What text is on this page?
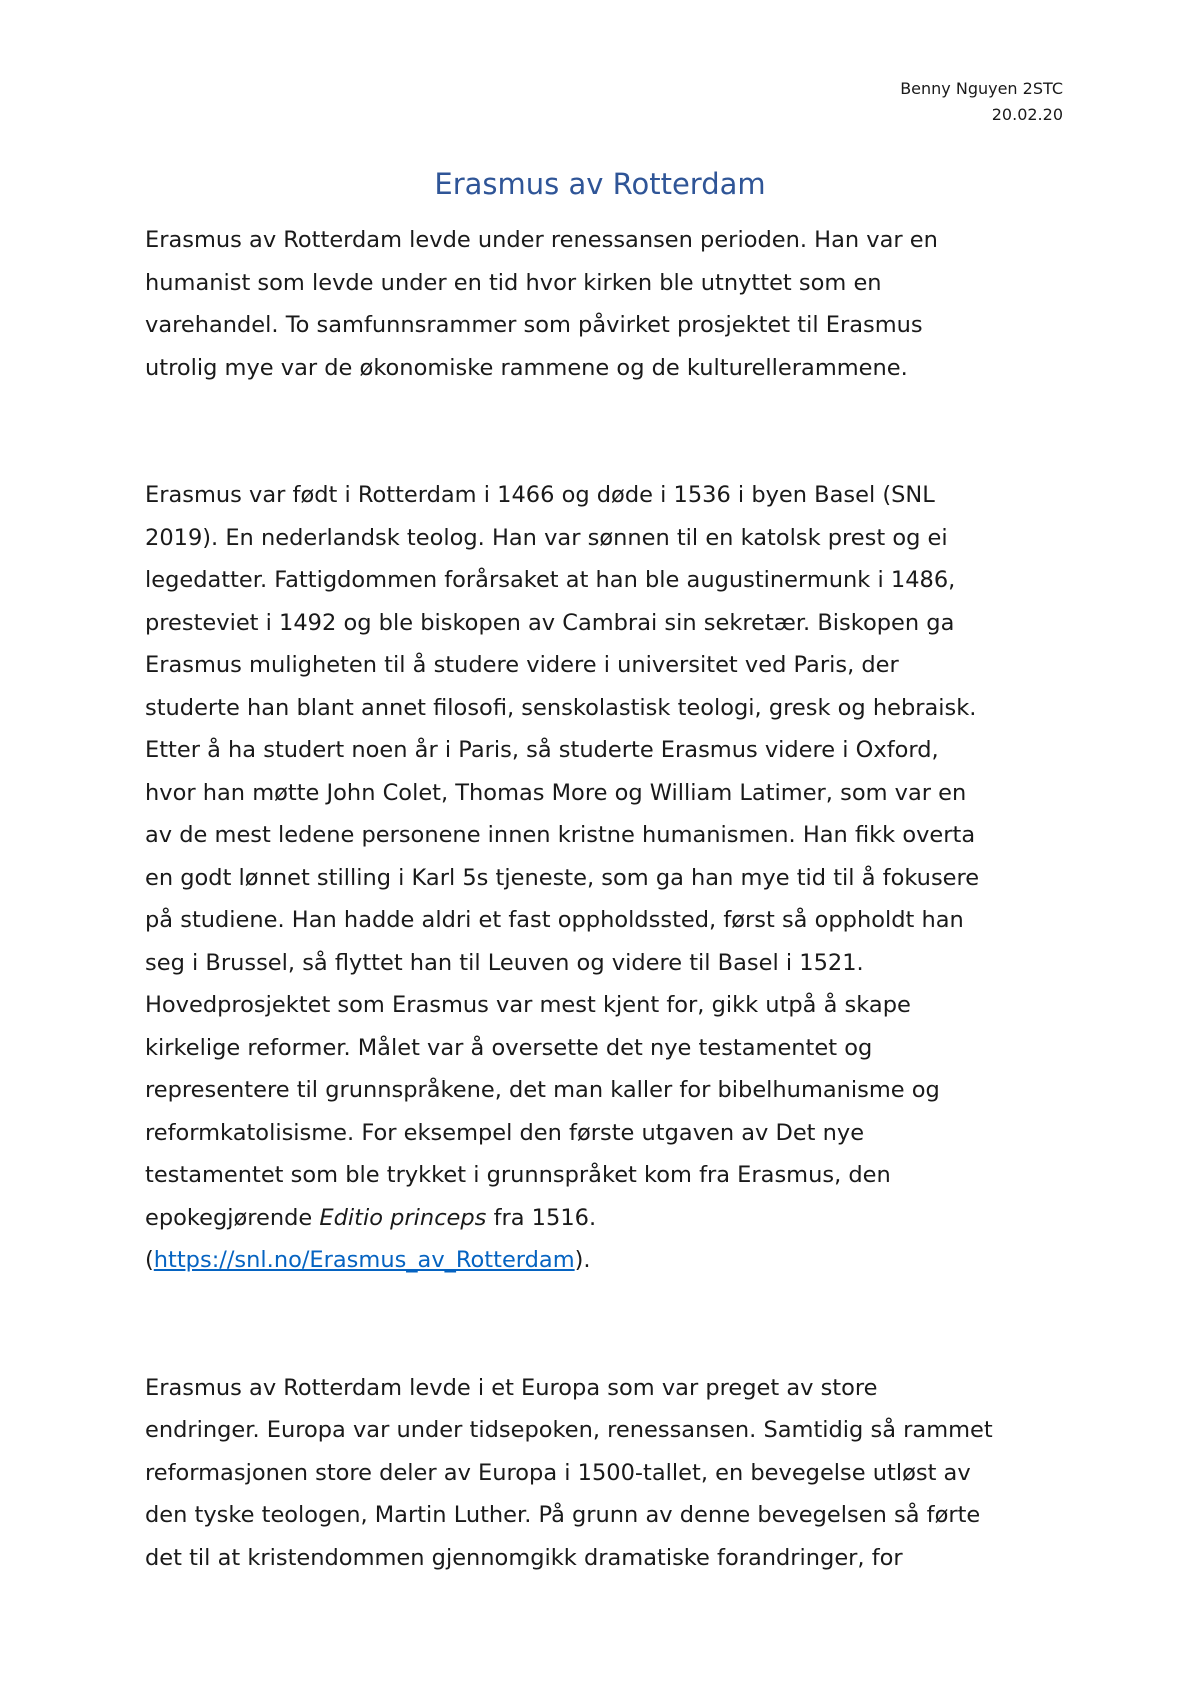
Benny Nguyen 2STC
20.02.20
Erasmus av Rotterdam

Erasmus av Rotterdam levde under renessansen perioden. Han var en

humanist som levde under en tid hvor kirken ble utnyttet som en

varehandel. To samfunnsrammer som påvirket prosjektet til Erasmus

utrolig mye var de økonomiske rammene og de kulturellerammene.

Erasmus var født i Rotterdam i 1466 og døde i 1536 i byen Basel (SNL

2019). En nederlandsk teolog. Han var sønnen til en katolsk prest og ei

legedatter. Fattigdommen forårsaket at han ble augustinermunk i 1486,

presteviet i 1492 og ble biskopen av Cambrai sin sekretær. Biskopen ga

Erasmus muligheten til å studere videre i universitet ved Paris, der

studerte han blant annet filosofi, senskolastisk teologi, gresk og hebraisk.

Etter å ha studert noen år i Paris, så studerte Erasmus videre i Oxford,

hvor han møtte John Colet, Thomas More og William Latimer, som var en

av de mest ledene personene innen kristne humanismen. Han fikk overta

en godt lønnet stilling i Karl 5s tjeneste, som ga han mye tid til å fokusere

på studiene. Han hadde aldri et fast oppholdssted, først så oppholdt han

seg i Brussel, så flyttet han til Leuven og videre til Basel i 1521.

Hovedprosjektet som Erasmus var mest kjent for, gikk utpå å skape

kirkelige reformer. Målet var å oversette det nye testamentet og

representere til grunnspråkene, det man kaller for bibelhumanisme og

reformkatolisisme. For eksempel den første utgaven av Det nye

testamentet som ble trykket i grunnspråket kom fra Erasmus, den

epokegjørende Editio princeps fra 1516.

(https://snl.no/Erasmus_av_Rotterdam).

Erasmus av Rotterdam levde i et Europa som var preget av store

endringer. Europa var under tidsepoken, renessansen. Samtidig så rammet

reformasjonen store deler av Europa i 1500-tallet, en bevegelse utløst av

den tyske teologen, Martin Luther. På grunn av denne bevegelsen så førte

det til at kristendommen gjennomgikk dramatiske forandringer, for
